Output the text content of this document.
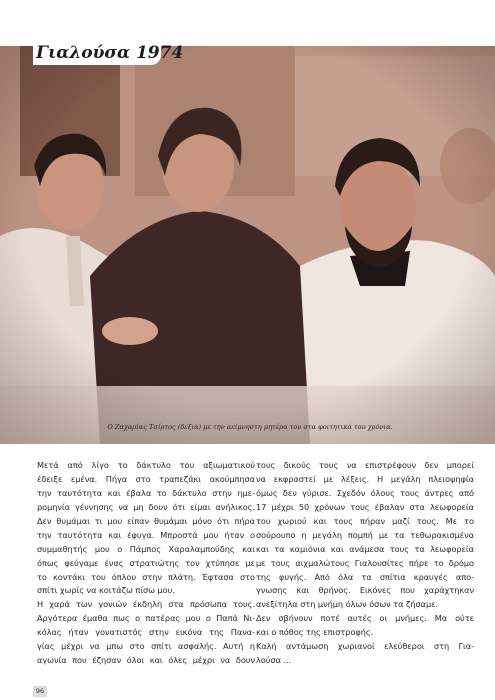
Γιαλούσα 1974
Ο Ζαχαρίας Τσίρτος (δεξιά) με την αείμνηστη μητέρα του στα φοιτητικά του χρόνια.
Μετά από λίγο το δάκτυλο του αξιωματικού
έδειξε εμένα. Πήγα στο τραπεζάκι ακούμπησα
την ταυτότητα και έβαλα το δάκτυλο στην ημε-
ρομηνία γέννησης να μη δουν ότι είμαι ανήλικος.
Δεν θυμάμαι τι μου είπαν θυμάμαι μόνο ότι πήρα
την ταυτότητα και έφυγα. Μπροστά μου ήταν ο
συμμαθητής μου ο Πάμπος Χαραλαμπούδης και
όπως φεύγαμε ένας στρατιώτης τον χτύπησε με
το κοντάκι του όπλου στην πλάτη. Έφτασα στο
σπίτι χωρίς να κοιτάζω πίσω μου.
Η χαρά των γονιών έκδηλη στα πρόσωπα τους.
Αργότερα έμαθα πως ο πατέρας μου ο Παπά Νι-
κόλας ήταν γονατιστός στην εικόνα της Πανα-
γίας μέχρι να μπω στο σπίτι ασφαλής. Αυτή η
αγωνία που έζησαν όλοι και όλες μέχρι να δουν
τους δικούς τους να επιστρέφουν δεν μπορεί
να εκφραστεί με λέξεις. Η μεγάλη πλειοψηφία
όμως δεν γύρισε. Σχεδόν όλους τους άντρες από
17 μέχρι 50 χρόνων τους έβαλαν στα λεωφορεία
του χωριού και τους πήραν μαζί τους. Με το
σούρουπο η μεγάλη πομπή με τα τεθωρακισμένα
και τα καμιόνια και ανάμεσα τους τα λεωφορεία
με τους αιχμαλώτους Γιαλουσίτες πήρε το δρόμο
της φυγής. Από όλα τα σπίτια κραυγές απο-
γνωσης και θρήνος. Εικόνες που χαράχτηκαν
ανεξίτηλα στη μνήμη όλων όσων τα ζήσαμε.
Δεν σβήνουν ποτέ αυτές οι μνήμες. Μα ούτε
και ο πόθος της επιστροφής.
Καλή αντάμωση χωριανοί ελεύθεροι στη Για-
λούσα ...
96
